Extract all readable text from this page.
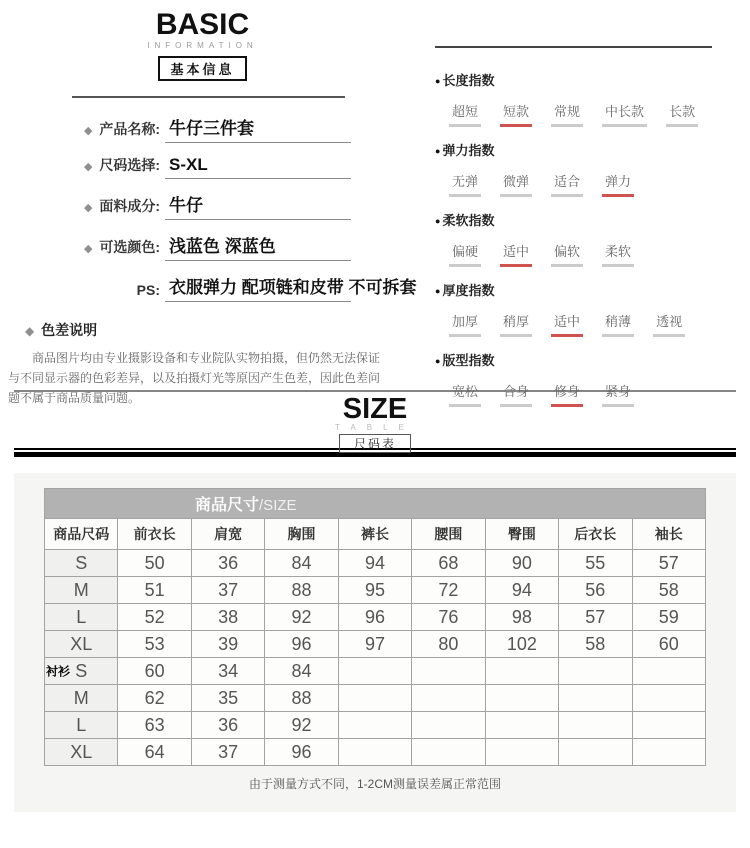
BASIC
INFORMATION
基本信息
◆ 产品名称: 牛仔三件套
◆ 尺码选择: S-XL
◆ 面料成分: 牛仔
◆ 可选颜色: 浅蓝色 深蓝色
PS: 衣服弹力 配项链和皮带 不可拆套
◆ 色差说明

商品图片均由专业摄影设备和专业院队实物拍摄，但仍然无法保证与不同显示器的色彩差异，以及拍摄灯光等原因产生色差，因此色差问题不属于商品质量问题。

● 长度指数
超短 短款 常规 中长款 长款
● 弹力指数
无弹 微弹 适合 弹力
● 柔软指数
偏硬 适中 偏软 柔软
● 厚度指数
加厚 稍厚 适中 稍薄 透视
● 版型指数
宽松 合身 修身 紧身
SIZE
TABLE
尺码表
商品尺寸/SIZE								
商品尺码	前衣长	肩宽	胸围	裤长	腰围	臀围	后衣长	袖长
S	50	36	84	94	68	90	55	57
M	51	37	88	95	72	94	56	58
L	52	38	92	96	76	98	57	59
XL	53	39	96	97	80	102	58	60

衬衫 S	60	34	84					
M	62	35	88					
L	63	36	92					
XL	64	37	96					
由于测量方式不同，1-2CM测量误差属正常范围
